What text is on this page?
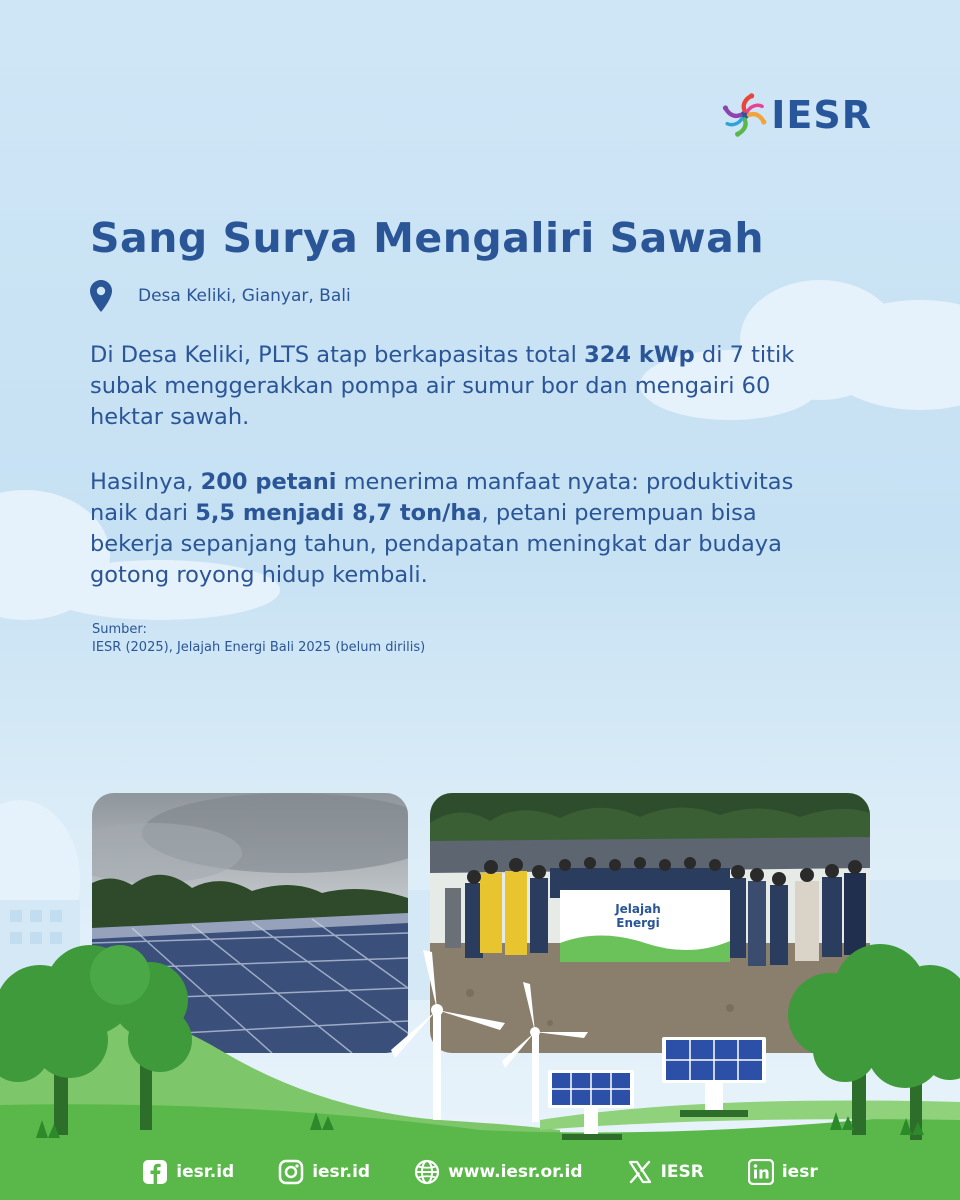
IESR
Sang Surya Mengaliri Sawah
Desa Keliki, Gianyar, Bali

Di Desa Keliki, PLTS atap berkapasitas total 324 kWp di 7 titik subak menggerakkan pompa air sumur bor dan mengairi 60 hektar sawah.

Hasilnya, 200 petani menerima manfaat nyata: produktivitas naik dari 5,5 menjadi 8,7 ton/ha, petani perempuan bisa bekerja sepanjang tahun, pendapatan meningkat dar budaya gotong royong hidup kembali.

Sumber:
IESR (2025), Jelajah Energi Bali 2025 (belum dirilis)
Jelajah
Energi
iesr.id	iesr.id	www.iesr.or.id	IESR	iesr
